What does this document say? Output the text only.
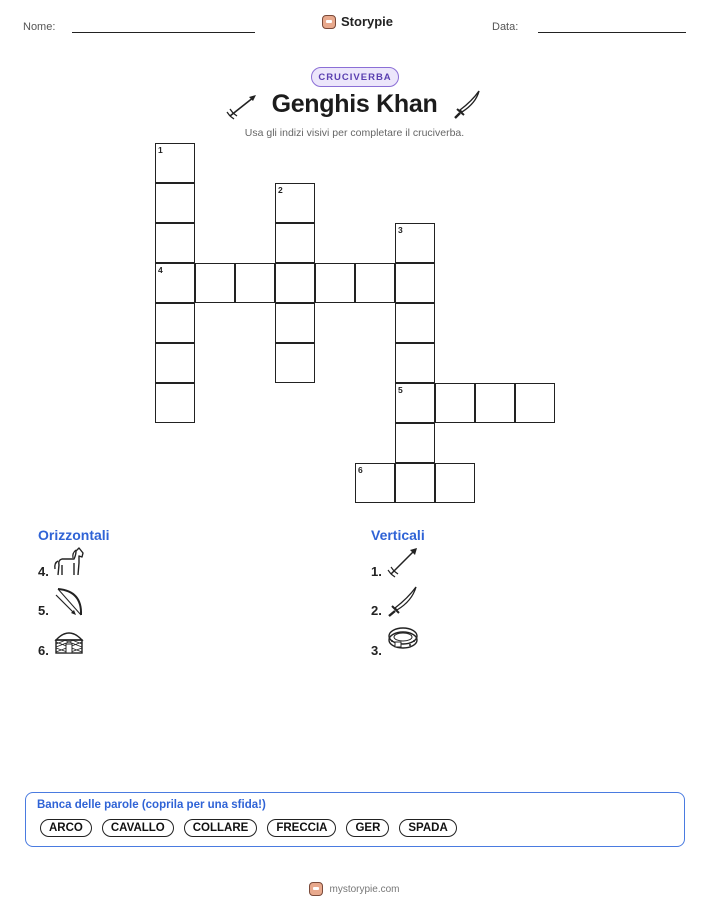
Nome:	Storypie	Data:
CRUCIVERBA
Genghis Khan
Usa gli indizi visivi per completare il cruciverba.
1
4
2
3
5
6
Orizzontali
4.
5.
6.
Verticali
1.
2.
3.
Banca delle parole (coprila per una sfida!)
ARCO	CAVALLO	COLLARE	FRECCIA	GER	SPADA
mystorypie.com
